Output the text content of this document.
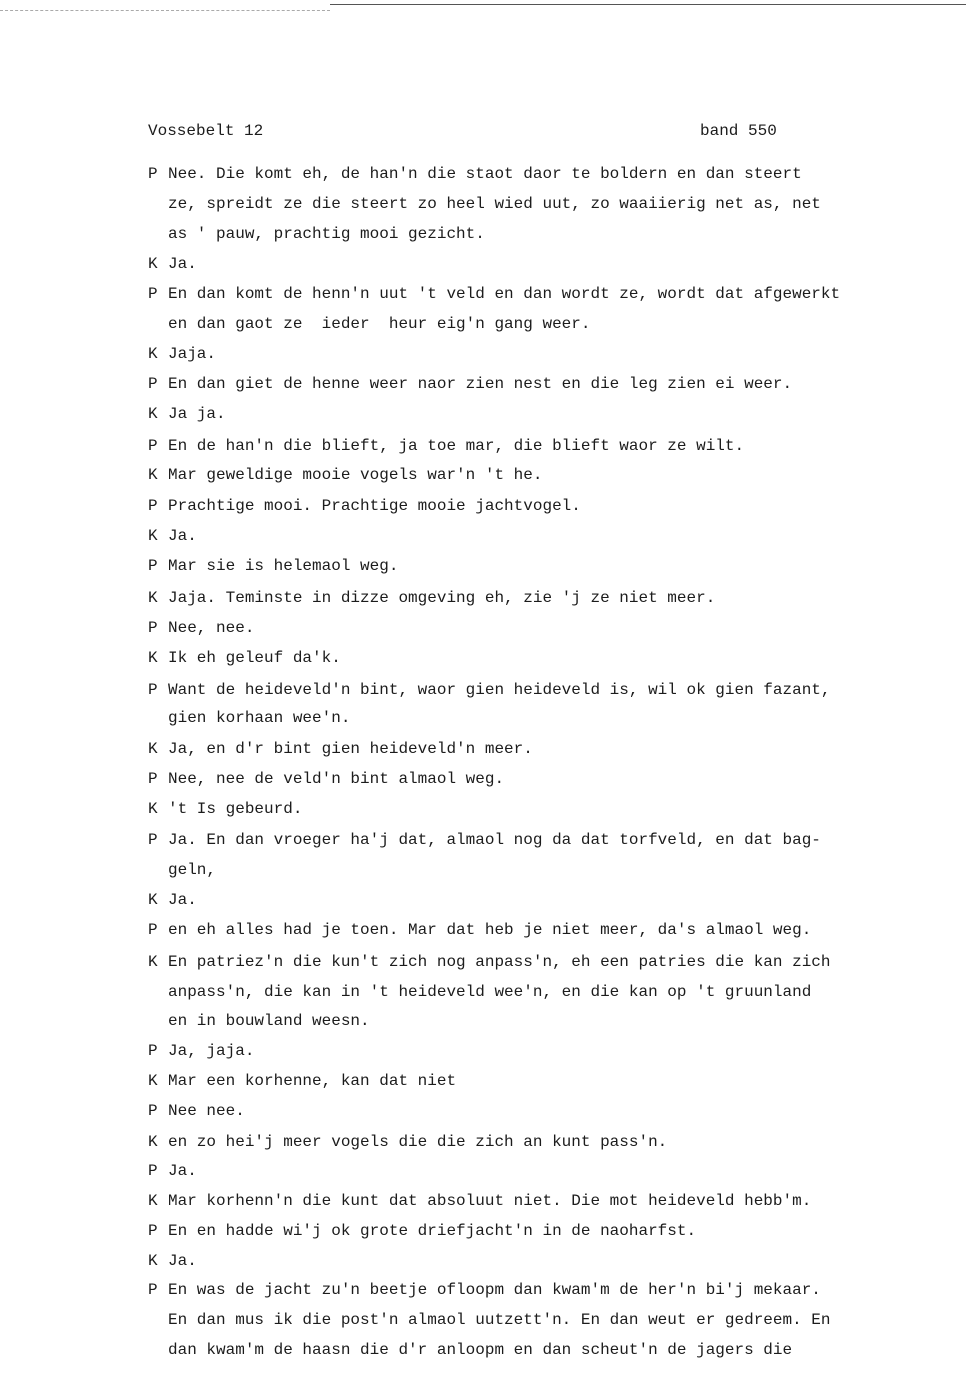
Vossebelt 12	band 550
P Nee. Die komt eh, de han'n die staot daor te boldern en dan steert
ze, spreidt ze die steert zo heel wied uut, zo waaiierig net as, net
as ' pauw, prachtig mooi gezicht.
K Ja.
P En dan komt de henn'n uut 't veld en dan wordt ze, wordt dat afgewerkt
en dan gaot ze  ieder  heur eig'n gang weer.
K Jaja.
P En dan giet de henne weer naor zien nest en die leg zien ei weer.
K Ja ja.
P En de han'n die blieft, ja toe mar, die blieft waor ze wilt.
K Mar geweldige mooie vogels war'n 't he.
P Prachtige mooi. Prachtige mooie jachtvogel.
K Ja.
P Mar sie is helemaol weg.
K Jaja. Teminste in dizze omgeving eh, zie 'j ze niet meer.
P Nee, nee.
K Ik eh geleuf da'k.
P Want de heideveld'n bint, waor gien heideveld is, wil ok gien fazant,
gien korhaan wee'n.
K Ja, en d'r bint gien heideveld'n meer.
P Nee, nee de veld'n bint almaol weg.
K 't Is gebeurd.
P Ja. En dan vroeger ha'j dat, almaol nog da dat torfveld, en dat bag-
geln,
K Ja.
P en eh alles had je toen. Mar dat heb je niet meer, da's almaol weg.
K En patriez'n die kun't zich nog anpass'n, eh een patries die kan zich
anpass'n, die kan in 't heideveld wee'n, en die kan op 't gruunland
en in bouwland weesn.
P Ja, jaja.
K Mar een korhenne, kan dat niet
P Nee nee.
K en zo hei'j meer vogels die die zich an kunt pass'n.
P Ja.
K Mar korhenn'n die kunt dat absoluut niet. Die mot heideveld hebb'm.
P En en hadde wi'j ok grote driefjacht'n in de naoharfst.
K Ja.
P En was de jacht zu'n beetje ofloopm dan kwam'm de her'n bi'j mekaar.
En dan mus ik die post'n almaol uutzett'n. En dan weut er gedreem. En
dan kwam'm de haasn die d'r anloopm en dan scheut'n de jagers die
